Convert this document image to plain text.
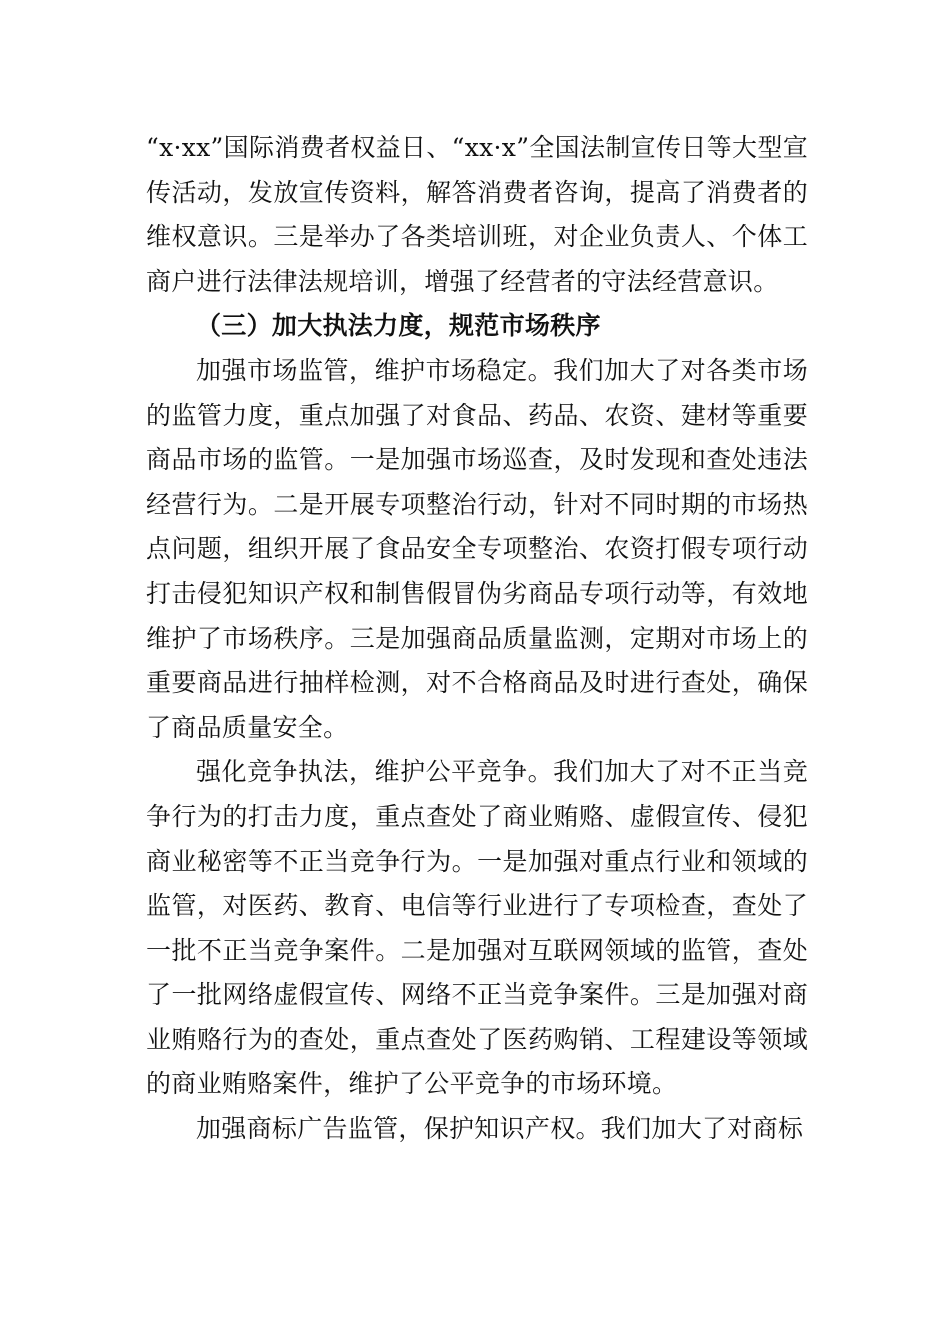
“x·xx”国际消费者权益日、“xx·x”全国法制宣传日等大型宣传活动，发放宣传资料，解答消费者咨询，提高了消费者的维权意识。三是举办了各类培训班，对企业负责人、个体工商户进行法律法规培训，增强了经营者的守法经营意识。

（三）加大执法力度，规范市场秩序

加强市场监管，维护市场稳定。我们加大了对各类市场的监管力度，重点加强了对食品、药品、农资、建材等重要商品市场的监管。一是加强市场巡查，及时发现和查处违法经营行为。二是开展专项整治行动，针对不同时期的市场热点问题，组织开展了食品安全专项整治、农资打假专项行动打击侵犯知识产权和制售假冒伪劣商品专项行动等，有效地维护了市场秩序。三是加强商品质量监测，定期对市场上的重要商品进行抽样检测，对不合格商品及时进行查处，确保了商品质量安全。

强化竞争执法，维护公平竞争。我们加大了对不正当竞争行为的打击力度，重点查处了商业贿赂、虚假宣传、侵犯商业秘密等不正当竞争行为。一是加强对重点行业和领域的监管，对医药、教育、电信等行业进行了专项检查，查处了一批不正当竞争案件。二是加强对互联网领域的监管，查处了一批网络虚假宣传、网络不正当竞争案件。三是加强对商业贿赂行为的查处，重点查处了医药购销、工程建设等领域的商业贿赂案件，维护了公平竞争的市场环境。

加强商标广告监管，保护知识产权。我们加大了对商标
